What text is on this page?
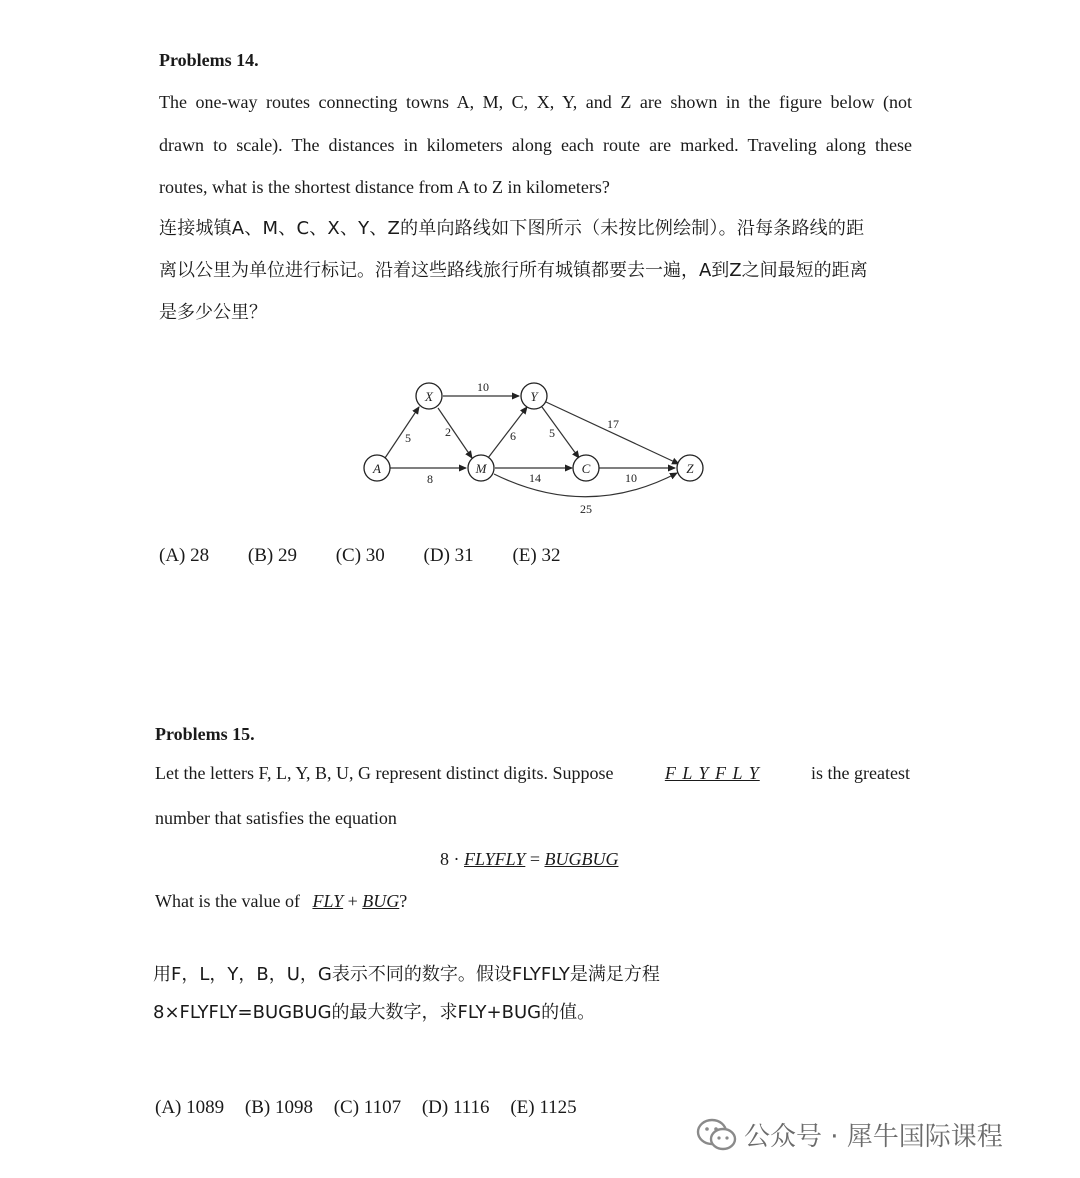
Problems 14.
The one-way routes connecting towns A, M, C, X, Y, and Z are shown in the figure below (not
drawn to scale). The distances in kilometers along each route are marked. Traveling along these
routes, what is the shortest distance from A to Z in kilometers?
连接城镇A、M、C、X、Y、Z的单向路线如下图所示（未按比例绘制）。沿每条路线的距
离以公里为单位进行标记。沿着这些路线旅行所有城镇都要去一遍，A到Z之间最短的距离
是多少公里？
A
X
M
Y
C	Z
5
8
2
10
6
14
5
17
10
25
(A) 28 (B) 29 (C) 30 (D) 31 (E) 32
Problems 15.
Let the letters F, L, Y, B, U, G represent distinct digits. Suppose	F L Y F L Y	is the greatest
number that satisfies the equation
8 · FLYFLY = BUGBUG
What is the value of FLY + BUG?
用F，L，Y，B，U，G表示不同的数字。假设FLYFLY是满足方程
8×FLYFLY=BUGBUG的最大数字，求FLY+BUG的值。
(A) 1089 (B) 1098 (C) 1107 (D) 1116 (E) 1125
公众号 · 犀牛国际课程
